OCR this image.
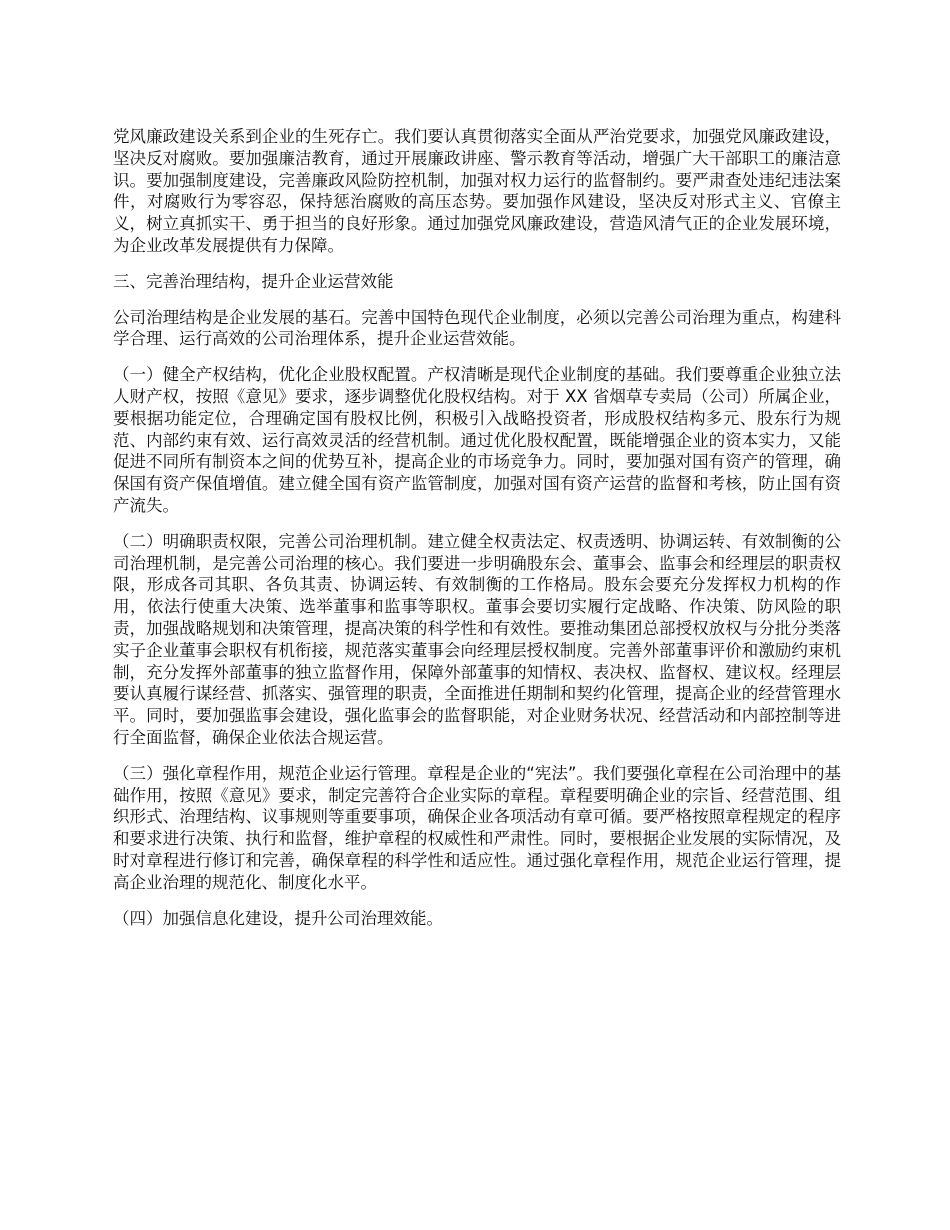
党风廉政建设关系到企业的生死存亡。我们要认真贯彻落实全面从严治党要求，加强党风廉政建设，坚决反对腐败。要加强廉洁教育，通过开展廉政讲座、警示教育等活动，增强广大干部职工的廉洁意识。要加强制度建设，完善廉政风险防控机制，加强对权力运行的监督制约。要严肃查处违纪违法案件，对腐败行为零容忍，保持惩治腐败的高压态势。要加强作风建设，坚决反对形式主义、官僚主义，树立真抓实干、勇于担当的良好形象。通过加强党风廉政建设，营造风清气正的企业发展环境，为企业改革发展提供有力保障。

三、完善治理结构，提升企业运营效能

公司治理结构是企业发展的基石。完善中国特色现代企业制度，必须以完善公司治理为重点，构建科学合理、运行高效的公司治理体系，提升企业运营效能。

（一）健全产权结构，优化企业股权配置。产权清晰是现代企业制度的基础。我们要尊重企业独立法人财产权，按照《意见》要求，逐步调整优化股权结构。对于 XX 省烟草专卖局（公司）所属企业，要根据功能定位，合理确定国有股权比例，积极引入战略投资者，形成股权结构多元、股东行为规范、内部约束有效、运行高效灵活的经营机制。通过优化股权配置，既能增强企业的资本实力，又能促进不同所有制资本之间的优势互补，提高企业的市场竞争力。同时，要加强对国有资产的管理，确保国有资产保值增值。建立健全国有资产监管制度，加强对国有资产运营的监督和考核，防止国有资产流失。

（二）明确职责权限，完善公司治理机制。建立健全权责法定、权责透明、协调运转、有效制衡的公司治理机制，是完善公司治理的核心。我们要进一步明确股东会、董事会、监事会和经理层的职责权限，形成各司其职、各负其责、协调运转、有效制衡的工作格局。股东会要充分发挥权力机构的作用，依法行使重大决策、选举董事和监事等职权。董事会要切实履行定战略、作决策、防风险的职责，加强战略规划和决策管理，提高决策的科学性和有效性。要推动集团总部授权放权与分批分类落实子企业董事会职权有机衔接，规范落实董事会向经理层授权制度。完善外部董事评价和激励约束机制，充分发挥外部董事的独立监督作用，保障外部董事的知情权、表决权、监督权、建议权。经理层要认真履行谋经营、抓落实、强管理的职责，全面推进任期制和契约化管理，提高企业的经营管理水平。同时，要加强监事会建设，强化监事会的监督职能，对企业财务状况、经营活动和内部控制等进行全面监督，确保企业依法合规运营。

（三）强化章程作用，规范企业运行管理。章程是企业的“宪法”。我们要强化章程在公司治理中的基础作用，按照《意见》要求，制定完善符合企业实际的章程。章程要明确企业的宗旨、经营范围、组织形式、治理结构、议事规则等重要事项，确保企业各项活动有章可循。要严格按照章程规定的程序和要求进行决策、执行和监督，维护章程的权威性和严肃性。同时，要根据企业发展的实际情况，及时对章程进行修订和完善，确保章程的科学性和适应性。通过强化章程作用，规范企业运行管理，提高企业治理的规范化、制度化水平。

（四）加强信息化建设，提升公司治理效能。
